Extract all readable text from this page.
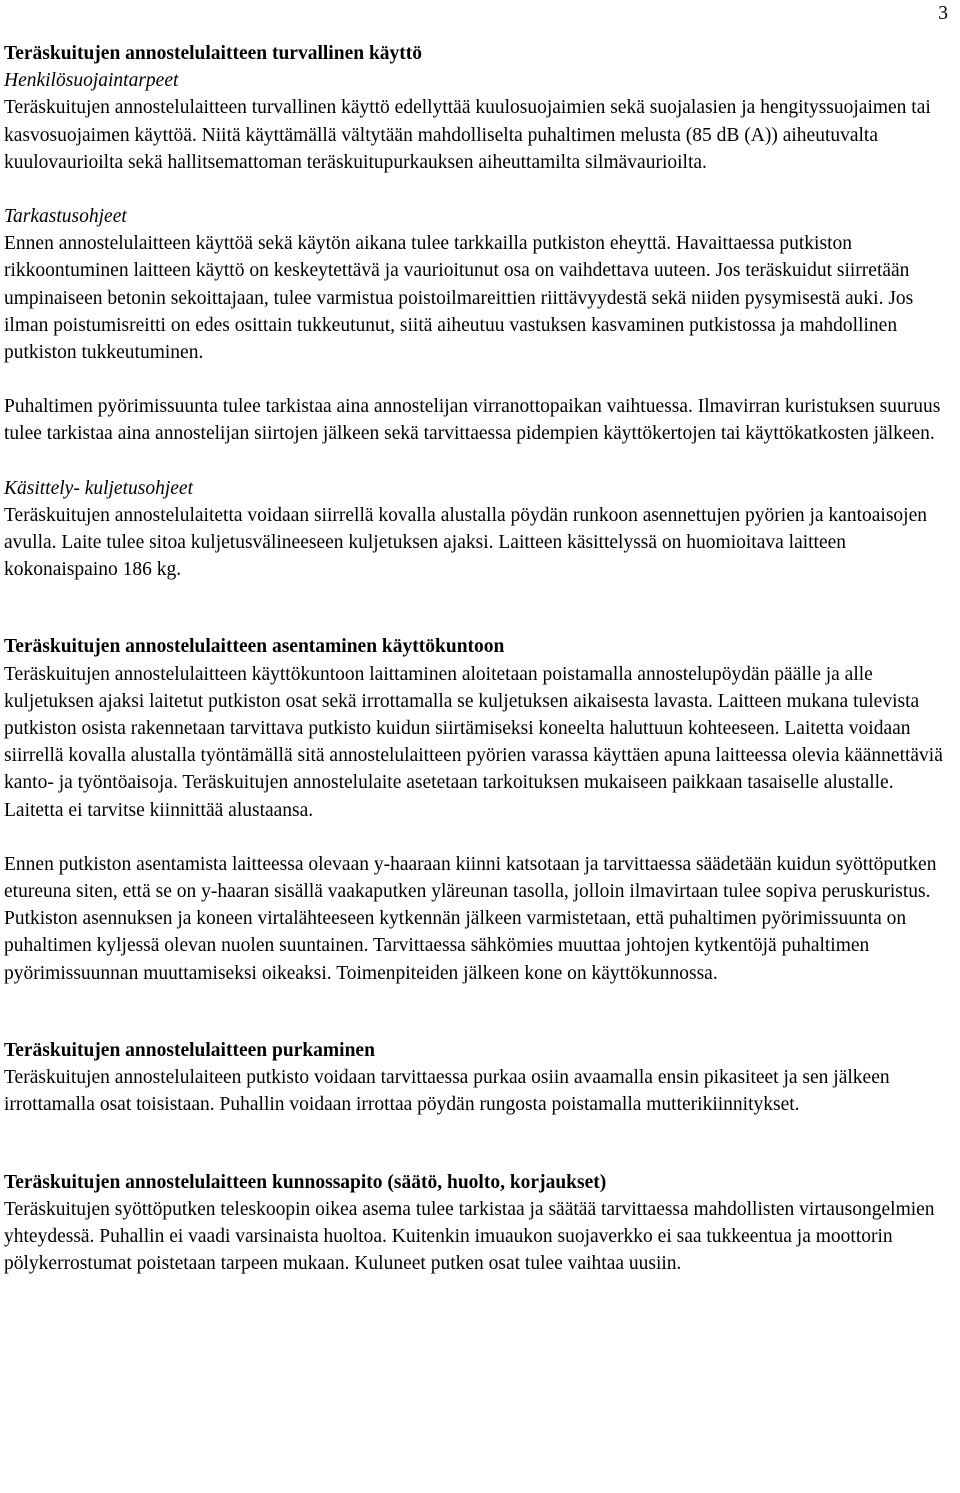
3

Teräskuitujen annostelulaitteen turvallinen käyttö

Henkilösuojaintarpeet

Teräskuitujen annostelulaitteen turvallinen käyttö edellyttää kuulosuojaimien sekä suojalasien ja hengityssuojaimen tai kasvosuojaimen käyttöä. Niitä käyttämällä vältytään mahdolliselta puhaltimen melusta (85 dB (A)) aiheutuvalta kuulovaurioilta sekä hallitsemattoman teräskuitupurkauksen aiheuttamilta silmävaurioilta.

Tarkastusohjeet

Ennen annostelulaitteen käyttöä sekä käytön aikana tulee tarkkailla putkiston eheyttä. Havaittaessa putkiston rikkoontuminen laitteen käyttö on keskeytettävä ja vaurioitunut osa on vaihdettava uuteen. Jos teräskuidut siirretään umpinaiseen betonin sekoittajaan, tulee varmistua poistoilmareittien riittävyydestä sekä niiden pysymisestä auki. Jos ilman poistumisreitti on edes osittain tukkeutunut, siitä aiheutuu vastuksen kasvaminen putkistossa ja mahdollinen putkiston tukkeutuminen.

Puhaltimen pyörimissuunta tulee tarkistaa aina annostelijan virranottopaikan vaihtuessa. Ilmavirran kuristuksen suuruus tulee tarkistaa aina annostelijan siirtojen jälkeen sekä tarvittaessa pidempien käyttökertojen tai käyttökatkosten jälkeen.

Käsittely- kuljetusohjeet

Teräskuitujen annostelulaitetta voidaan siirrellä kovalla alustalla pöydän runkoon asennettujen pyörien ja kantoaisojen avulla. Laite tulee sitoa kuljetusvälineeseen kuljetuksen ajaksi. Laitteen käsittelyssä on huomioitava laitteen kokonaispaino 186 kg.

Teräskuitujen annostelulaitteen asentaminen käyttökuntoon

Teräskuitujen annostelulaitteen käyttökuntoon laittaminen aloitetaan poistamalla annostelupöydän päälle ja alle kuljetuksen ajaksi laitetut putkiston osat sekä irrottamalla se kuljetuksen aikaisesta lavasta. Laitteen mukana tulevista putkiston osista rakennetaan tarvittava putkisto kuidun siirtämiseksi koneelta haluttuun kohteeseen. Laitetta voidaan siirrellä kovalla alustalla työntämällä sitä annostelulaitteen pyörien varassa käyttäen apuna laitteessa olevia käännettäviä kanto- ja työntöaisoja. Teräskuitujen annostelulaite asetetaan tarkoituksen mukaiseen paikkaan tasaiselle alustalle. Laitetta ei tarvitse kiinnittää alustaansa.

Ennen putkiston asentamista laitteessa olevaan y-haaraan kiinni katsotaan ja tarvittaessa säädetään kuidun syöttöputken etureuna siten, että se on y-haaran sisällä vaakaputken yläreunan tasolla, jolloin ilmavirtaan tulee sopiva peruskuristus. Putkiston asennuksen ja koneen virtalähteeseen kytkennän jälkeen varmistetaan, että puhaltimen pyörimissuunta on puhaltimen kyljessä olevan nuolen suuntainen. Tarvittaessa sähkömies muuttaa johtojen kytkentöjä puhaltimen pyörimissuunnan muuttamiseksi oikeaksi. Toimenpiteiden jälkeen kone on käyttökunnossa.

Teräskuitujen annostelulaitteen purkaminen

Teräskuitujen annostelulaiteen putkisto voidaan tarvittaessa purkaa osiin avaamalla ensin pikasiteet ja sen jälkeen irrottamalla osat toisistaan. Puhallin voidaan irrottaa pöydän rungosta poistamalla mutterikiinnitykset.

Teräskuitujen annostelulaitteen kunnossapito (säätö, huolto, korjaukset)

Teräskuitujen syöttöputken teleskoopin oikea asema tulee tarkistaa ja säätää tarvittaessa mahdollisten virtausongelmien yhteydessä. Puhallin ei vaadi varsinaista huoltoa. Kuitenkin imuaukon suojaverkko ei saa tukkeentua ja moottorin pölykerrostumat poistetaan tarpeen mukaan. Kuluneet putken osat tulee vaihtaa uusiin.
